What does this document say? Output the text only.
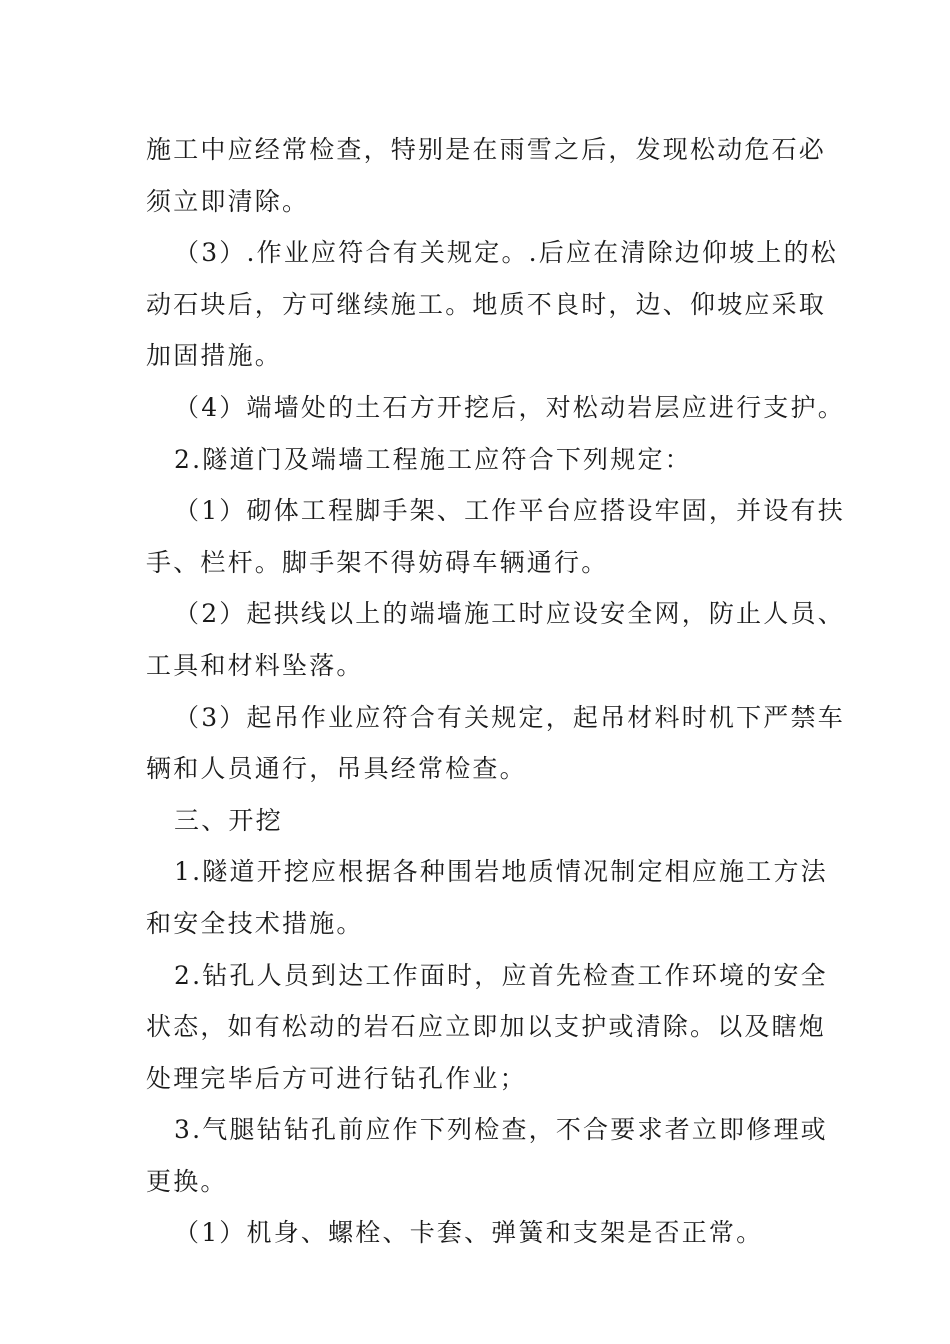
施工中应经常检查，特别是在雨雪之后，发现松动危石必
须立即清除。
（3）.作业应符合有关规定。.后应在清除边仰坡上的松
动石块后，方可继续施工。地质不良时，边、仰坡应采取
加固措施。
（4）端墙处的土石方开挖后，对松动岩层应进行支护。
2.隧道门及端墙工程施工应符合下列规定：
（1）砌体工程脚手架、工作平台应搭设牢固，并设有扶
手、栏杆。脚手架不得妨碍车辆通行。
（2）起拱线以上的端墙施工时应设安全网，防止人员、
工具和材料坠落。
（3）起吊作业应符合有关规定，起吊材料时机下严禁车
辆和人员通行，吊具经常检查。
三、开挖
1.隧道开挖应根据各种围岩地质情况制定相应施工方法
和安全技术措施。
2.钻孔人员到达工作面时，应首先检查工作环境的安全
状态，如有松动的岩石应立即加以支护或清除。以及瞎炮
处理完毕后方可进行钻孔作业；
3.气腿钻钻孔前应作下列检查，不合要求者立即修理或
更换。
（1）机身、螺栓、卡套、弹簧和支架是否正常。
